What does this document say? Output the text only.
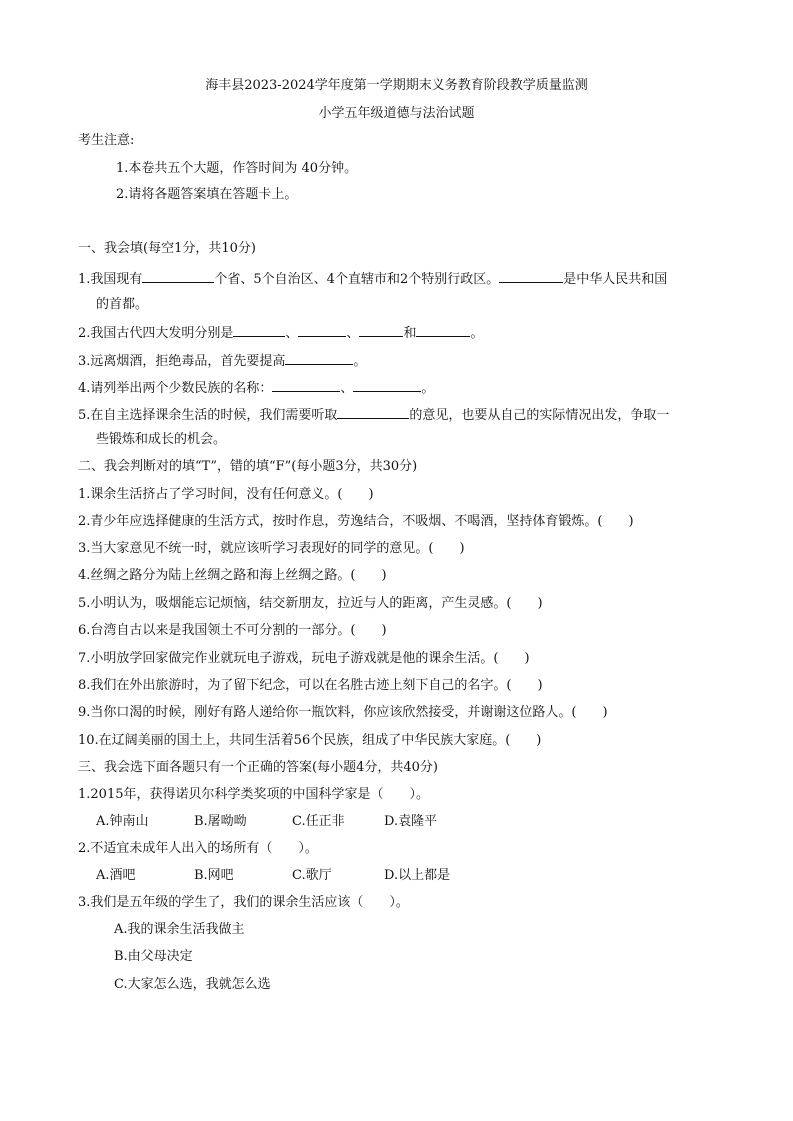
海丰县2023-2024学年度第一学期期末义务教育阶段教学质量监测
小学五年级道德与法治试题
考生注意:
1.本卷共五个大题，作答时间为 40分钟。
2.请将各题答案填在答题卡上。
一、我会填(每空1分，共10分)
1.我国现有	个省、5个自治区、4个直辖市和2个特别行政区。	是中华人民共和国
的首都。
2.我国古代四大发明分别是	、	、	和	。
3.远离烟酒，拒绝毒品，首先要提高	。
4.请列举出两个少数民族的名称：	、	。
5.在自主选择课余生活的时候，我们需要听取	的意见，也要从自己的实际情况出发，争取一
些锻炼和成长的机会。
二、我会判断对的填“T”，错的填“F”(每小题3分，共30分)
1.课余生活挤占了学习时间，没有任何意义。(　　)
2.青少年应选择健康的生活方式，按时作息，劳逸结合，不吸烟、不喝酒，坚持体育锻炼。(　　)
3.当大家意见不统一时，就应该听学习表现好的同学的意见。(　　)
4.丝绸之路分为陆上丝绸之路和海上丝绸之路。(　　)
5.小明认为，吸烟能忘记烦恼，结交新朋友，拉近与人的距离，产生灵感。(　　)
6.台湾自古以来是我国领土不可分割的一部分。(　　)
7.小明放学回家做完作业就玩电子游戏，玩电子游戏就是他的课余生活。(　　)
8.我们在外出旅游时，为了留下纪念，可以在名胜古迹上刻下自己的名字。(　　)
9.当你口渴的时候，刚好有路人递给你一瓶饮料，你应该欣然接受，并谢谢这位路人。(　　)
10.在辽阔美丽的国土上，共同生活着56个民族，组成了中华民族大家庭。(　　)
三、我会选下面各题只有一个正确的答案(每小题4分，共40分)
1.2015年，获得诺贝尔科学类奖项的中国科学家是（　　）。
A.钟南山	B.屠呦呦	C.任正非	D.袁隆平
2.不适宜未成年人出入的场所有（　　）。
A.酒吧	B.网吧	C.歌厅	D.以上都是
3.我们是五年级的学生了，我们的课余生活应该（　　）。
A.我的课余生活我做主
B.由父母决定
C.大家怎么选，我就怎么选
